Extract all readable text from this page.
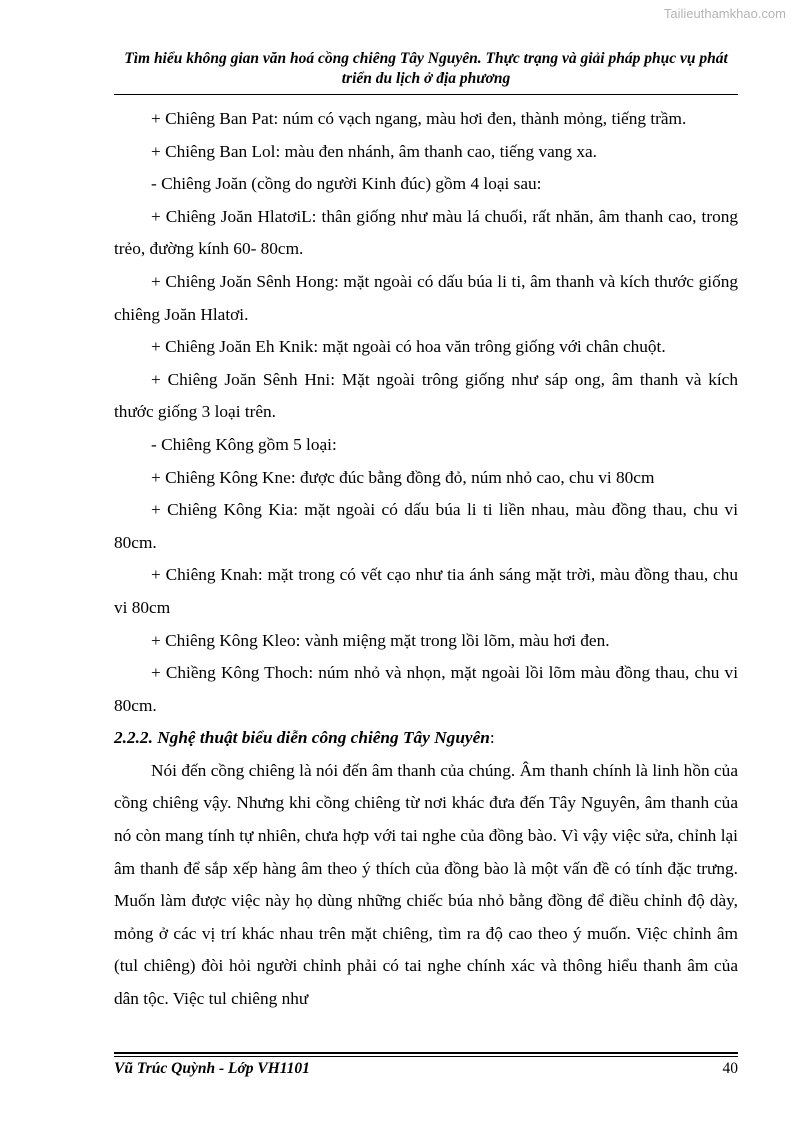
Tailieuthamkhao.com
Tìm hiểu không gian văn hoá cồng chiêng Tây Nguyên. Thực trạng và giải pháp phục vụ phát triển du lịch ở địa phương

+ Chiêng Ban Pat: núm có vạch ngang, màu hơi đen, thành mỏng, tiếng trầm.

+ Chiêng Ban Lol: màu đen nhánh, âm thanh cao, tiếng vang xa.

- Chiêng Joăn (cồng do người Kinh đúc) gồm 4 loại sau:

+ Chiêng Joăn HlatơiL: thân giống như màu lá chuối, rất nhăn, âm thanh cao, trong trẻo, đường kính 60- 80cm.

+ Chiêng Joăn Sênh Hong: mặt ngoài có dấu búa li ti, âm thanh và kích thước giống chiêng Joăn Hlatơi.

+ Chiêng Joăn Eh Knik: mặt ngoài có hoa văn trông giống với chân chuột.

+ Chiêng Joăn Sênh Hni: Mặt ngoài trông giống như sáp ong, âm thanh và kích thước giống 3 loại trên.

- Chiêng Kông gồm 5 loại:

+ Chiêng Kông Kne: được đúc bằng đồng đỏ, núm nhỏ cao, chu vi 80cm

+ Chiêng Kông Kia: mặt ngoài có dấu búa li ti liền nhau, màu đồng thau, chu vi 80cm.

+ Chiêng Knah: mặt trong có vết cạo như tia ánh sáng mặt trời, màu đồng thau, chu vi 80cm

+ Chiêng Kông Kleo: vành miệng mặt trong lồi lõm, màu hơi đen.

+ Chiềng Kông Thoch: núm nhỏ và nhọn, mặt ngoài lồi lõm màu đồng thau, chu vi 80cm.

2.2.2. Nghệ thuật biểu diễn công chiêng Tây Nguyên:

Nói đến cồng chiêng là nói đến âm thanh của chúng. Âm thanh chính là linh hồn của cồng chiêng vậy. Nhưng khi cồng chiêng từ nơi khác đưa đến Tây Nguyên, âm thanh của nó còn mang tính tự nhiên, chưa hợp với tai nghe của đồng bào. Vì vậy việc sửa, chỉnh lại âm thanh để sắp xếp hàng âm theo ý thích của đồng bào là một vấn đề có tính đặc trưng. Muốn làm được việc này họ dùng những chiếc búa nhỏ bằng đồng để điều chỉnh độ dày, mỏng ở các vị trí khác nhau trên mặt chiêng, tìm ra độ cao theo ý muốn. Việc chỉnh âm (tul chiêng) đòi hỏi người chỉnh phải có tai nghe chính xác và thông hiểu thanh âm của dân tộc. Việc tul chiêng như

Vũ Trúc Quỳnh - Lớp VH1101	40
